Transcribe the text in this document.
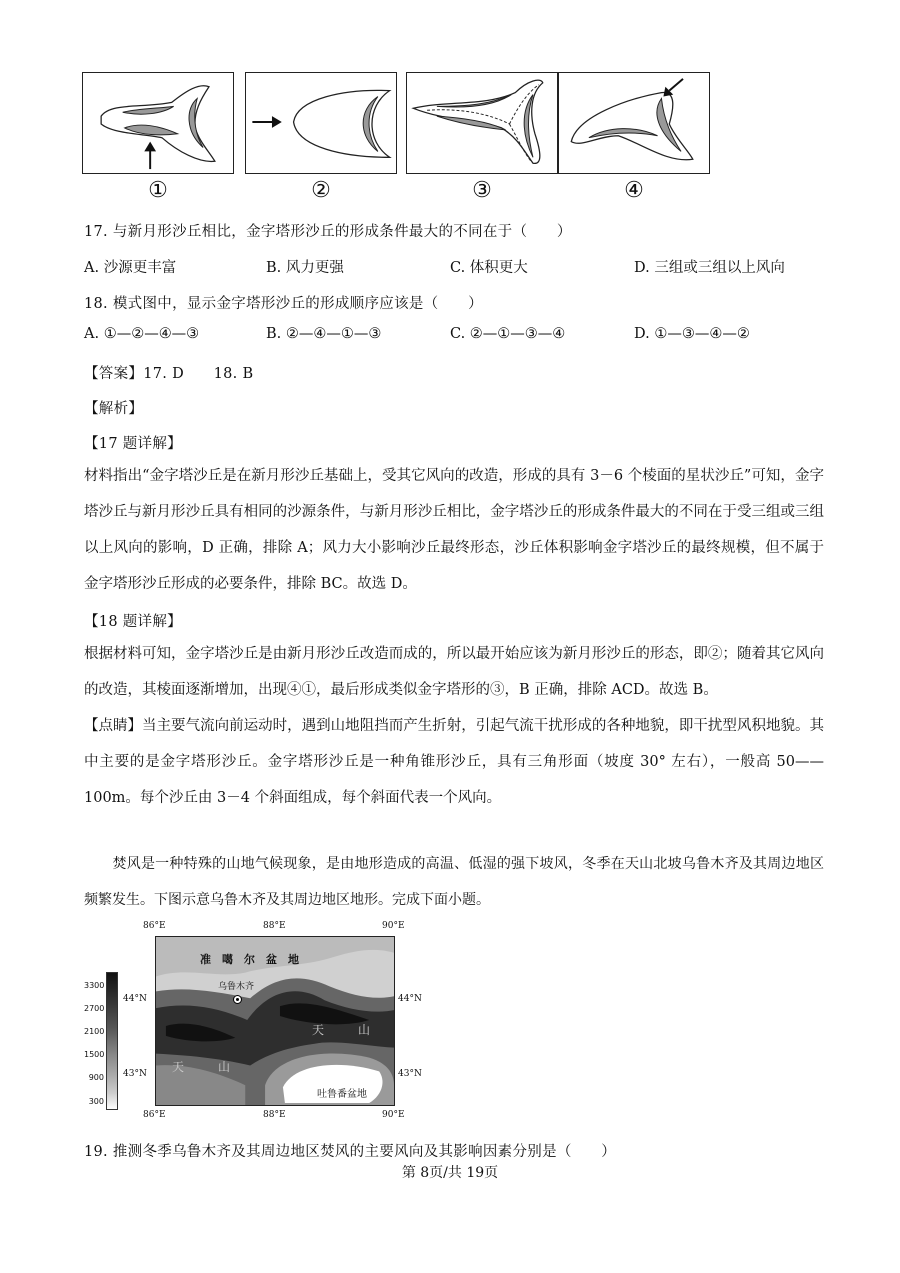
①	②	③	④
17. 与新月形沙丘相比，金字塔形沙丘的形成条件最大的不同在于（　　）
A. 沙源更丰富	B. 风力更强	C. 体积更大	D. 三组或三组以上风向
18. 模式图中，显示金字塔形沙丘的形成顺序应该是（　　）
A. ①—②—④—③	B. ②—④—①—③	C. ②—①—③—④	D. ①—③—④—②
【答案】17. D　　18. B
【解析】
【17 题详解】
材料指出“金字塔沙丘是在新月形沙丘基础上，受其它风向的改造，形成的具有 3－6 个棱面的星状沙丘”可知，金字塔沙丘与新月形沙丘具有相同的沙源条件，与新月形沙丘相比，金字塔沙丘的形成条件最大的不同在于受三组或三组以上风向的影响，D 正确，排除 A；风力大小影响沙丘最终形态，沙丘体积影响金字塔沙丘的最终规模，但不属于金字塔形沙丘形成的必要条件，排除 BC。故选 D。
【18 题详解】
根据材料可知，金字塔沙丘是由新月形沙丘改造而成的，所以最开始应该为新月形沙丘的形态，即②；随着其它风向的改造，其棱面逐渐增加，出现④①，最后形成类似金字塔形的③，B 正确，排除 ACD。故选 B。
【点睛】当主要气流向前运动时，遇到山地阻挡而产生折射，引起气流干扰形成的各种地貌，即干扰型风积地貌。其中主要的是金字塔形沙丘。金字塔形沙丘是一种角锥形沙丘，具有三角形面（坡度 30° 左右），一般高 50——100m。每个沙丘由 3－4 个斜面组成，每个斜面代表一个风向。
　　焚风是一种特殊的山地气候现象，是由地形造成的高温、低湿的强下坡风，冬季在天山北坡乌鲁木齐及其周边地区频繁发生。下图示意乌鲁木齐及其周边地区地形。完成下面小题。
3300
2700
2100
1500
900
300
86°E	88°E	90°E
86°E	88°E	90°E
44°N
43°N
44°N
43°N
准　噶　尔　盆　地
乌鲁木齐
天	山
天	山
吐鲁番盆地
19. 推测冬季乌鲁木齐及其周边地区焚风的主要风向及其影响因素分别是（　　）
第 8页/共 19页
